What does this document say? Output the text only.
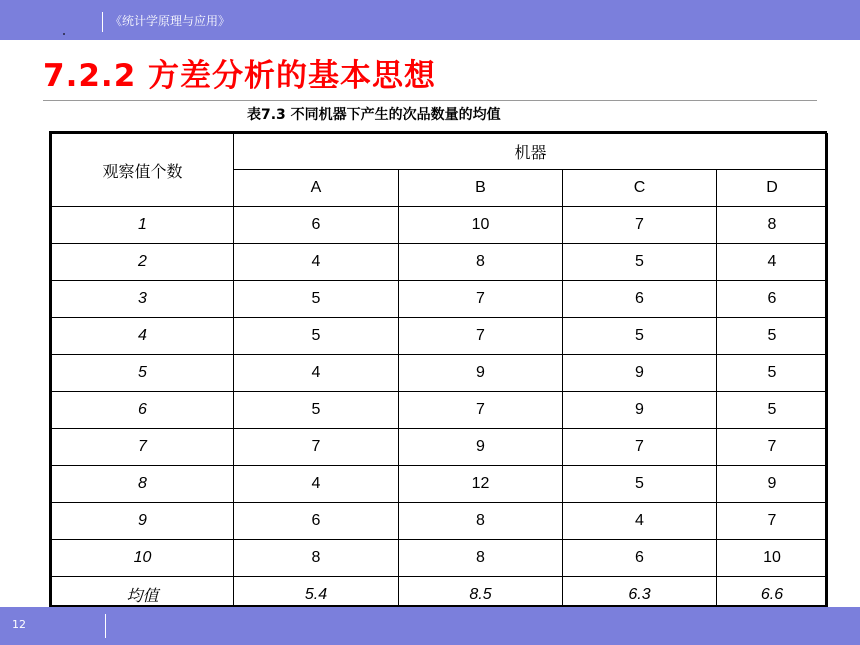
《统计学原理与应用》
7.2.2 方差分析的基本思想
表7.3 不同机器下产生的次品数量的均值
观察值个数	机器			
	A	B	C	D
1	6	10	7	8
2	4	8	5	4
3	5	7	6	6
4	5	7	5	5
5	4	9	9	5
6	5	7	9	5
7	7	9	7	7
8	4	12	5	9
9	6	8	4	7
10	8	8	6	10
均值	5.4	8.5	6.3	6.6
12
